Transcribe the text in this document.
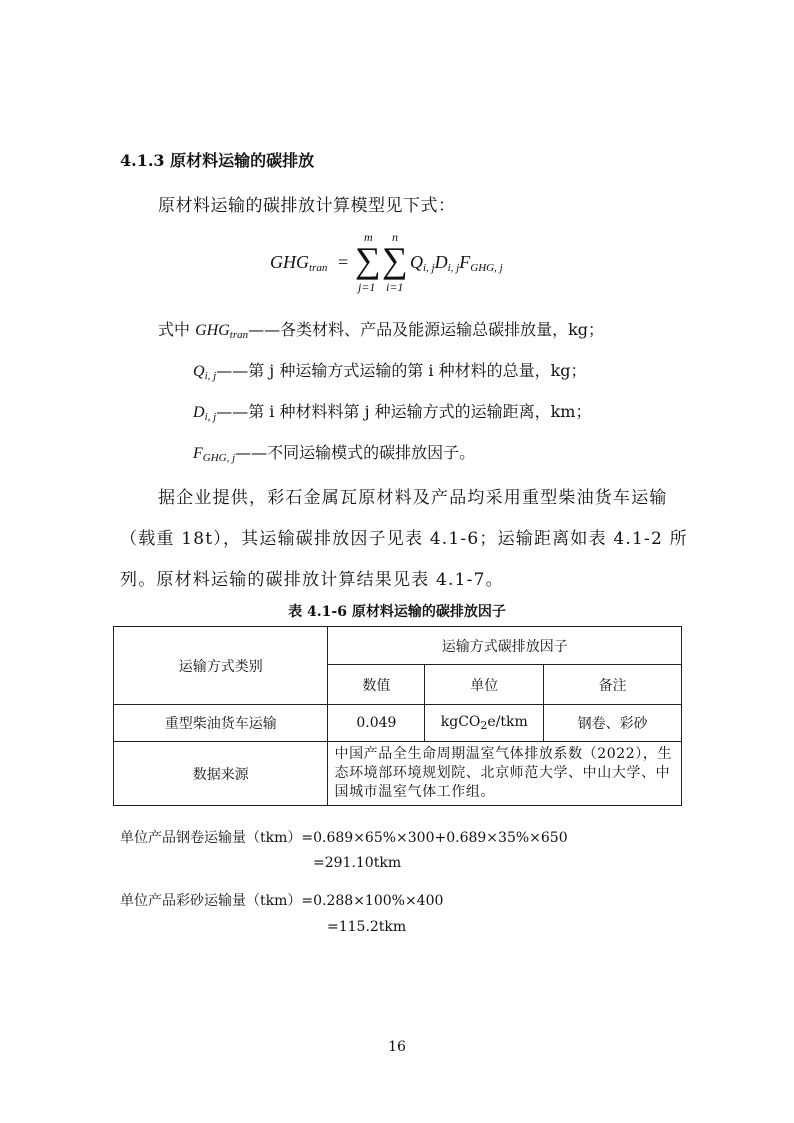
4.1.3 原材料运输的碳排放
原材料运输的碳排放计算模型见下式：
$GHG_{tran}$ =
m
∑
j=1
n
∑
i=1
$Q_{i, j}D_{i, j}F_{GHG, j}$
式中 $GHG_{tran}——$各类材料、产品及能源运输总碳排放量，kg；
$Q_{i, j}——$第 j 种运输方式运输的第 i 种材料的总量，kg；
$D_{i, j}——$第 i 种材料料第 j 种运输方式的运输距离，km；
$F_{GHG, j}——$不同运输模式的碳排放因子。
据企业提供，彩石金属瓦原材料及产品均采用重型柴油货车运输
（载重 18t），其运输碳排放因子见表 4.1-6；运输距离如表 4.1-2 所
列。原材料运输的碳排放计算结果见表 4.1-7。
表 4.1-6 原材料运输的碳排放因子
运输方式类别	运输方式碳排放因子		
	数值	单位	备注
重型柴油货车运输	0.049	kgCO$_2$e/tkm	钢卷、彩砂
数据来源	中国产品全生命周期温室气体排放系数（2022），生态环境部环境规划院、北京师范大学、中山大学、中国城市温室气体工作组。		
单位产品钢卷运输量（tkm）=0.689×65%×300+0.689×35%×650
=291.10tkm
单位产品彩砂运输量（tkm）=0.288×100%×400
=115.2tkm
16
